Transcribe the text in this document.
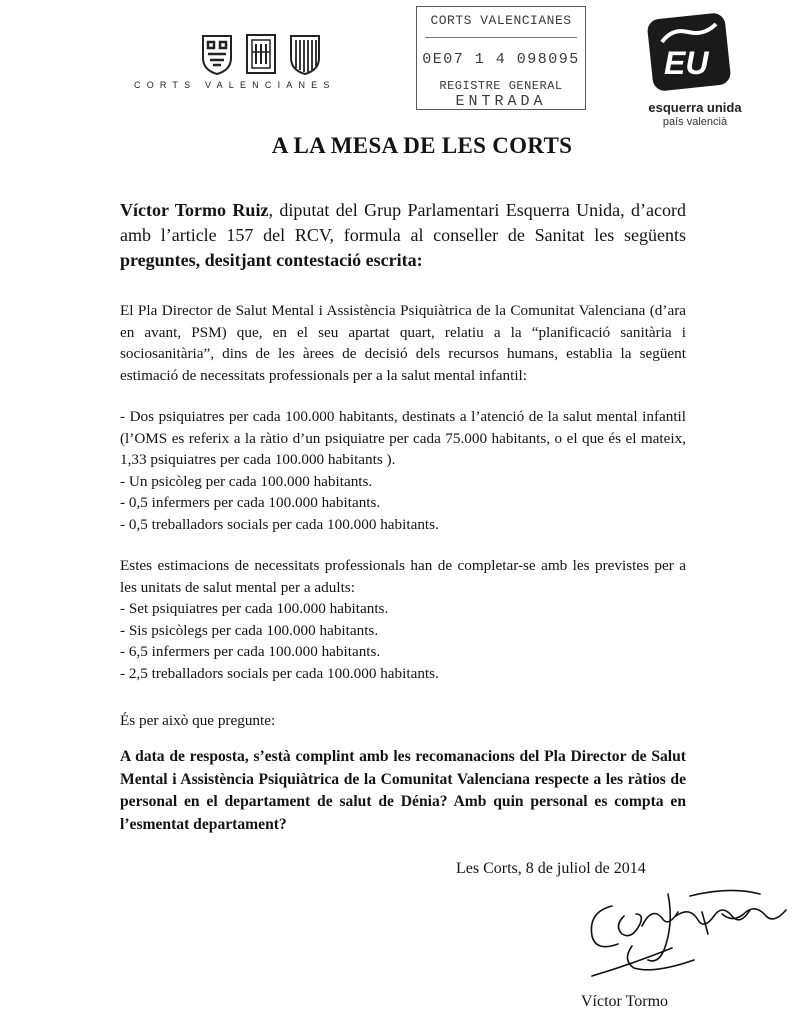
CORTS VALENCIANES
CORTS VALENCIANES
0E07 1 4 098095
REGISTRE GENERAL
ENTRADA
EU
esquerra unida
país valencià
A LA MESA DE LES CORTS
Víctor Tormo Ruiz, diputat del Grup Parlamentari Esquerra Unida, d’acord amb l’article 157 del RCV, formula al conseller de Sanitat les següents preguntes, desitjant contestació escrita:
El Pla Director de Salut Mental i Assistència Psiquiàtrica de la Comunitat Valenciana (d’ara en avant, PSM) que, en el seu apartat quart, relatiu a la “planificació sanitària i sociosanitària”, dins de les àrees de decisió dels recursos humans, establia la següent estimació de necessitats professionals per a la salut mental infantil:
- Dos psiquiatres per cada 100.000 habitants, destinats a l’atenció de la salut mental infantil (l’OMS es referix a la ràtio d’un psiquiatre per cada 75.000 habitants, o el que és el mateix, 1,33 psiquiatres per cada 100.000 habitants ).
- Un psicòleg per cada 100.000 habitants.
- 0,5 infermers per cada 100.000 habitants.
- 0,5 treballadors socials per cada 100.000 habitants.
Estes estimacions de necessitats professionals han de completar-se amb les previstes per a les unitats de salut mental per a adults:
- Set psiquiatres per cada 100.000 habitants.
- Sis psicòlegs per cada 100.000 habitants.
- 6,5 infermers per cada 100.000 habitants.
- 2,5 treballadors socials per cada 100.000 habitants.
És per això que pregunte:
A data de resposta, s’està complint amb les recomanacions del Pla Director de Salut Mental i Assistència Psiquiàtrica de la Comunitat Valenciana respecte a les ràtios de personal en el departament de salut de Dénia? Amb quin personal es compta en l’esmentat departament?
Les Corts, 8 de juliol de 2014
Víctor Tormo
